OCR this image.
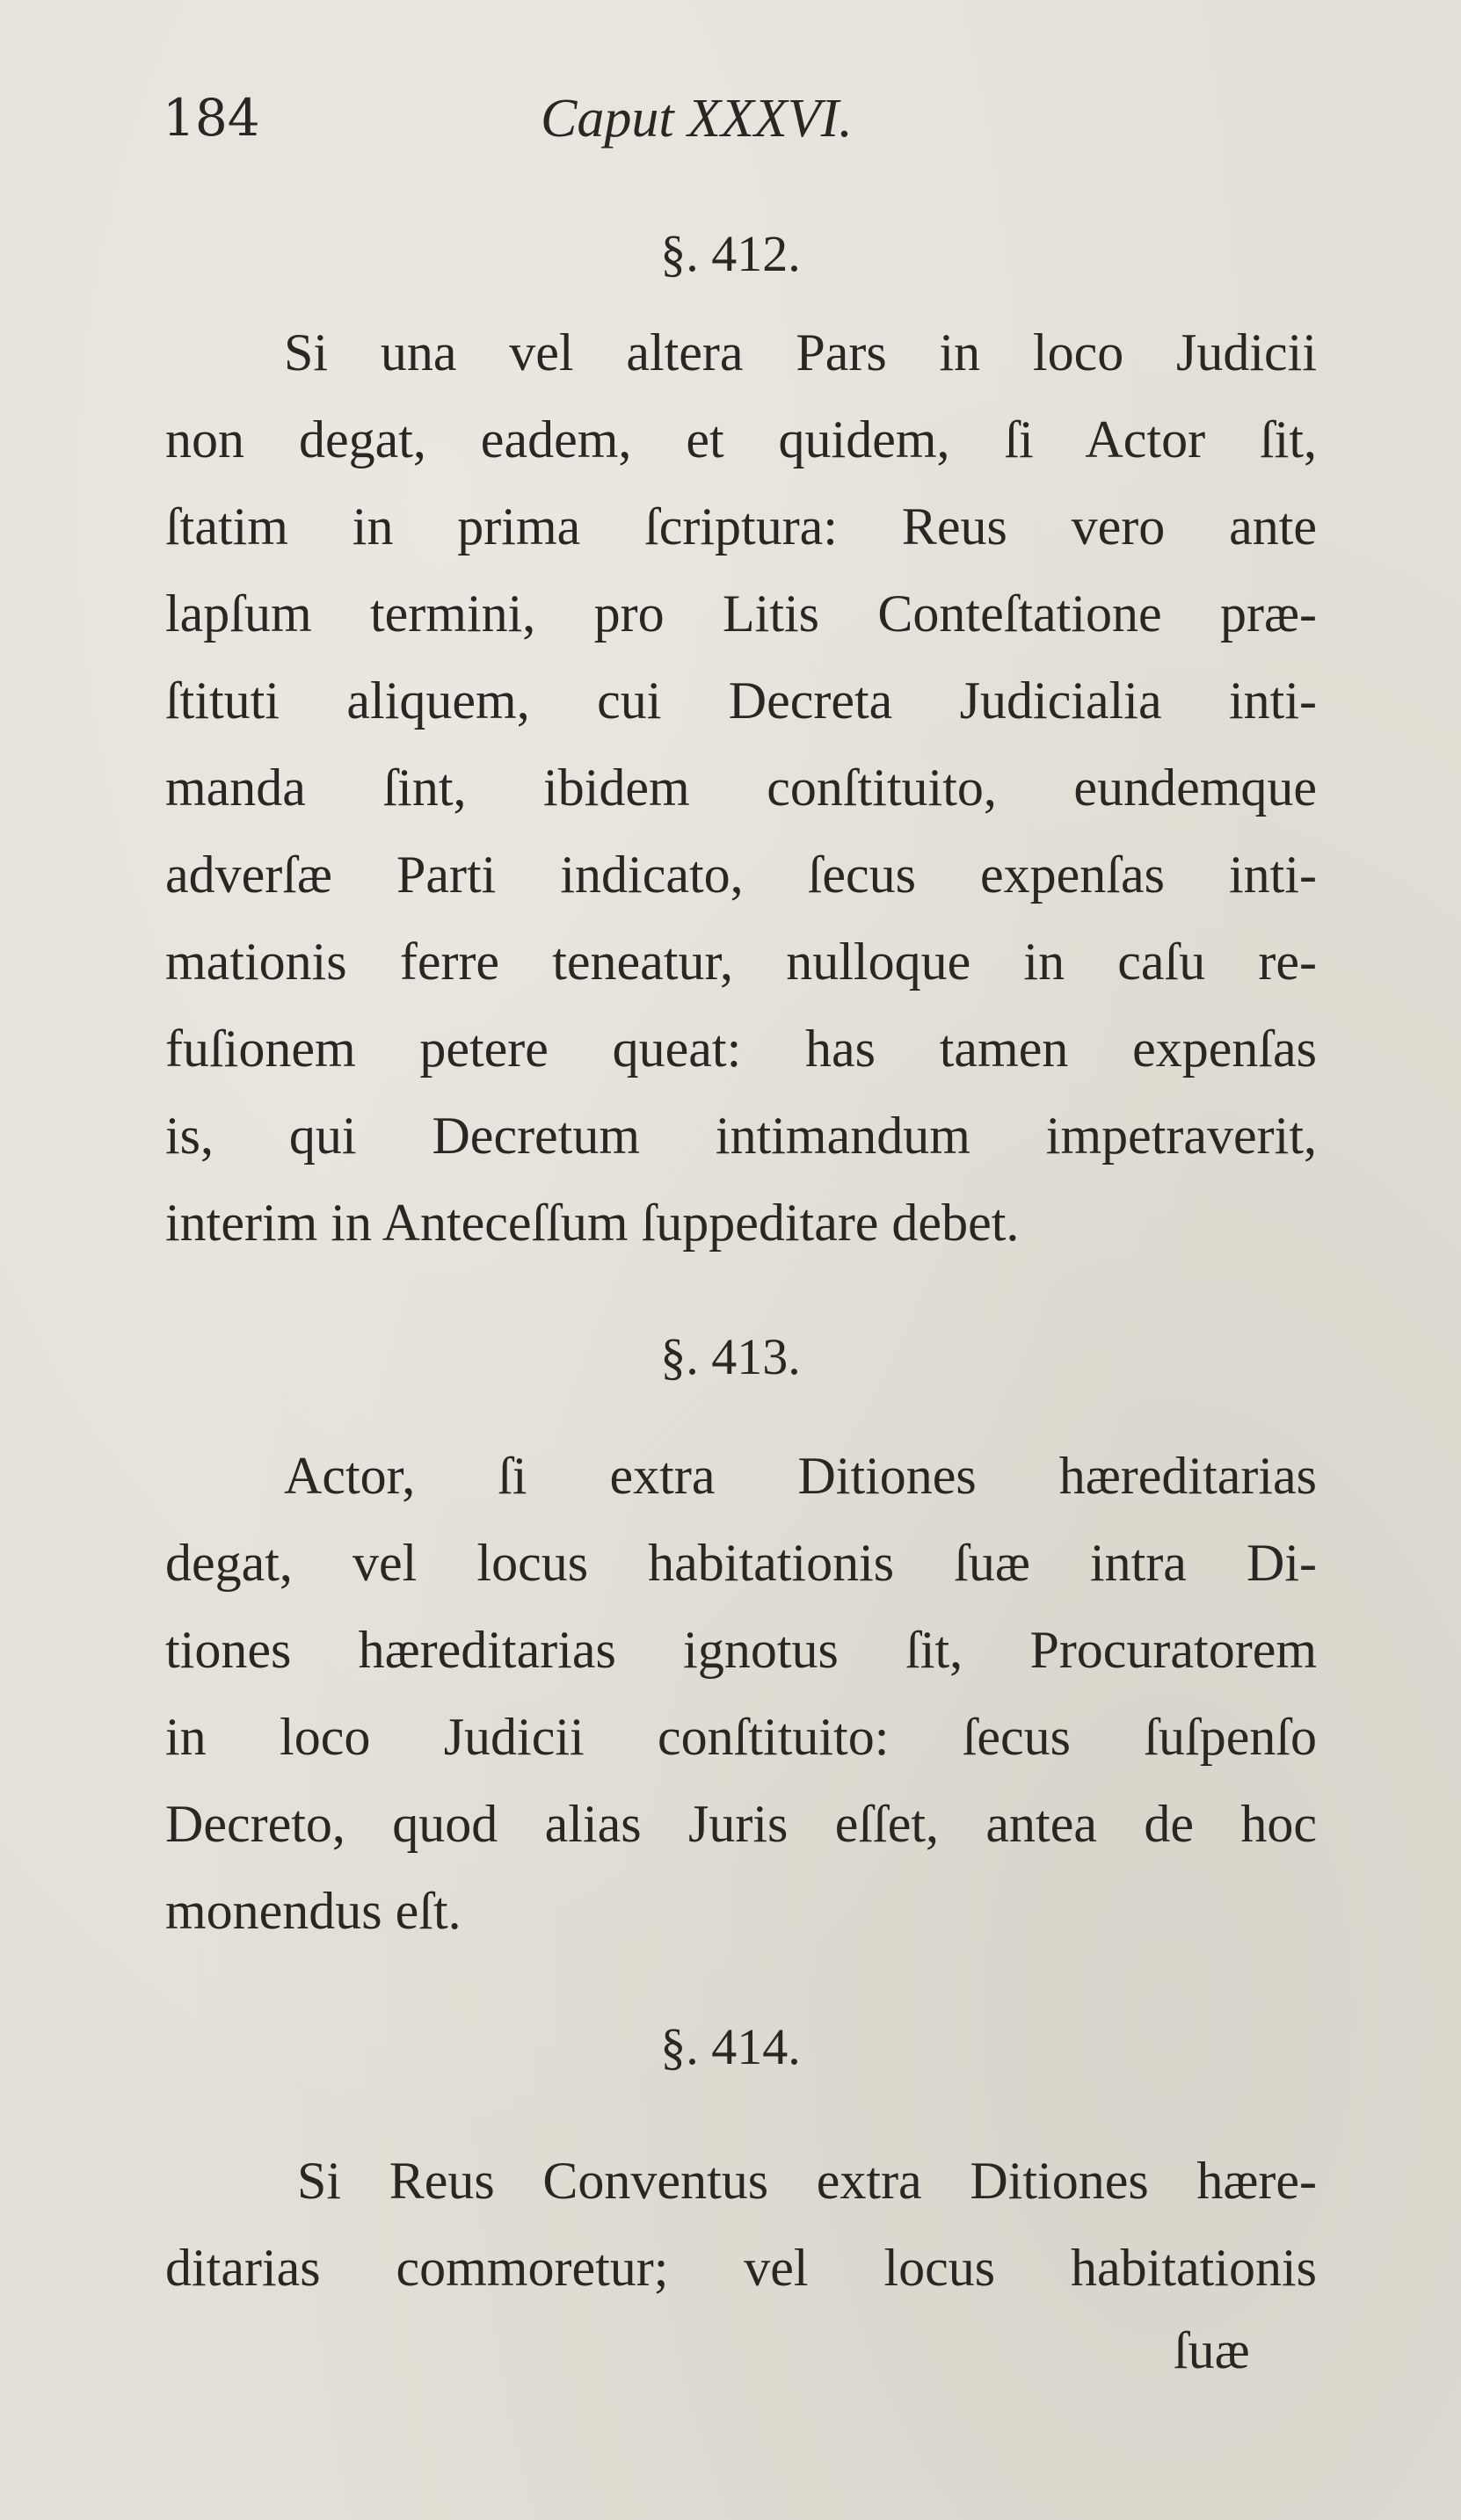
184	Caput XXXVI.
§. 412.
Si una vel altera Pars in loco Judicii
non degat, eadem, et quidem, ſi Actor ſit,
ſtatim in prima ſcriptura: Reus vero ante
lapſum termini, pro Litis Conteſtatione præ-
ſtituti aliquem, cui Decreta Judicialia inti-
manda ſint, ibidem conſtituito, eundemque
adverſæ Parti indicato, ſecus expenſas inti-
mationis ferre teneatur, nulloque in caſu re-
fuſionem petere queat: has tamen expenſas
is, qui Decretum intimandum impetraverit,
interim in Anteceſſum ſuppeditare debet.
§. 413.
Actor, ſi extra Ditiones hæreditarias
degat, vel locus habitationis ſuæ intra Di-
tiones hæreditarias ignotus ſit, Procuratorem
in loco Judicii conſtituito: ſecus ſuſpenſo
Decreto, quod alias Juris eſſet, antea de hoc
monendus eſt.
§. 414.
Si Reus Conventus extra Ditiones hære-
ditarias commoretur; vel locus habitationis
ſuæ
